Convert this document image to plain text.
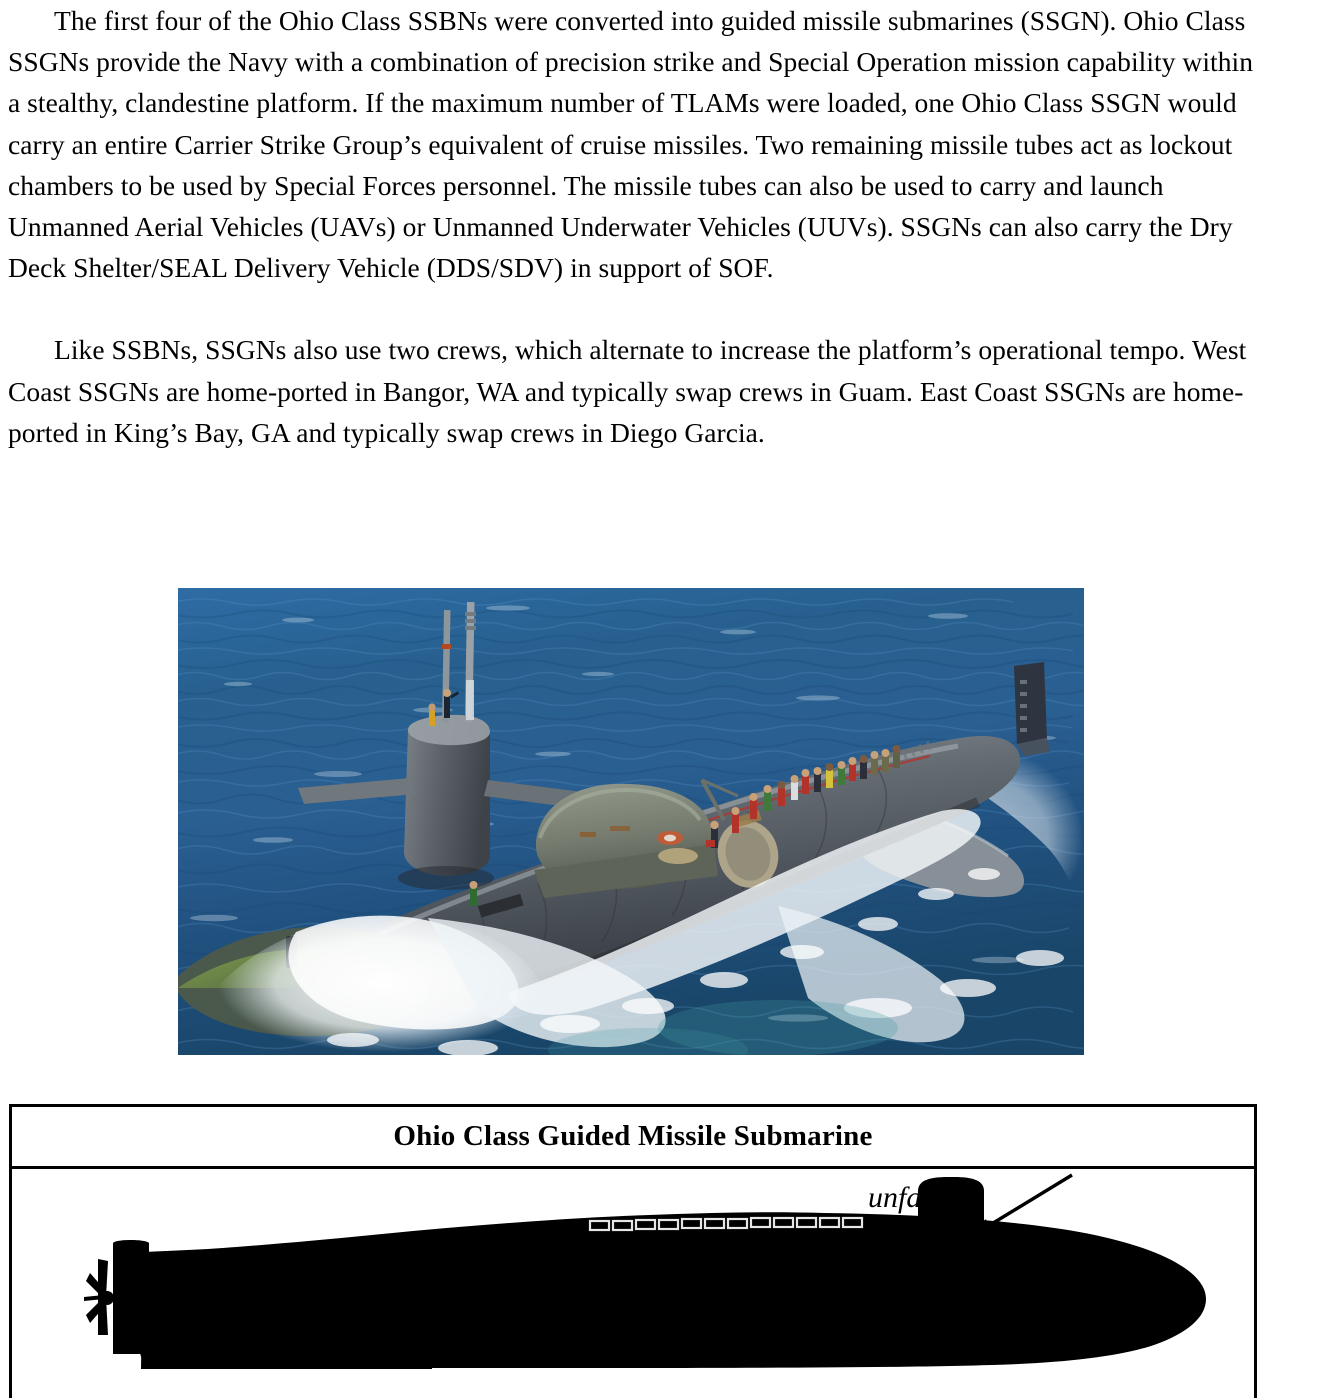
The first four of the Ohio Class SSBNs were converted into guided missile submarines (SSGN). Ohio Class SSGNs provide the Navy with a combination of precision strike and Special Operation mission capability within a stealthy, clandestine platform. If the maximum number of TLAMs were loaded, one Ohio Class SSGN would carry an entire Carrier Strike Group’s equivalent of cruise missiles. Two remaining missile tubes act as lockout chambers to be used by Special Forces personnel. The missile tubes can also be used to carry and launch Unmanned Aerial Vehicles (UAVs) or Unmanned Underwater Vehicles (UUVs). SSGNs can also carry the Dry Deck Shelter/SEAL Delivery Vehicle (DDS/SDV) in support of SOF.

Like SSBNs, SSGNs also use two crews, which alternate to increase the platform’s operational tempo. West Coast SSGNs are home-ported in Bangor, WA and typically swap crews in Guam. East Coast SSGNs are home- ported in King’s Bay, GA and typically swap crews in Diego Garcia.

Ohio Class Guided Missile Submarine
unfaired
